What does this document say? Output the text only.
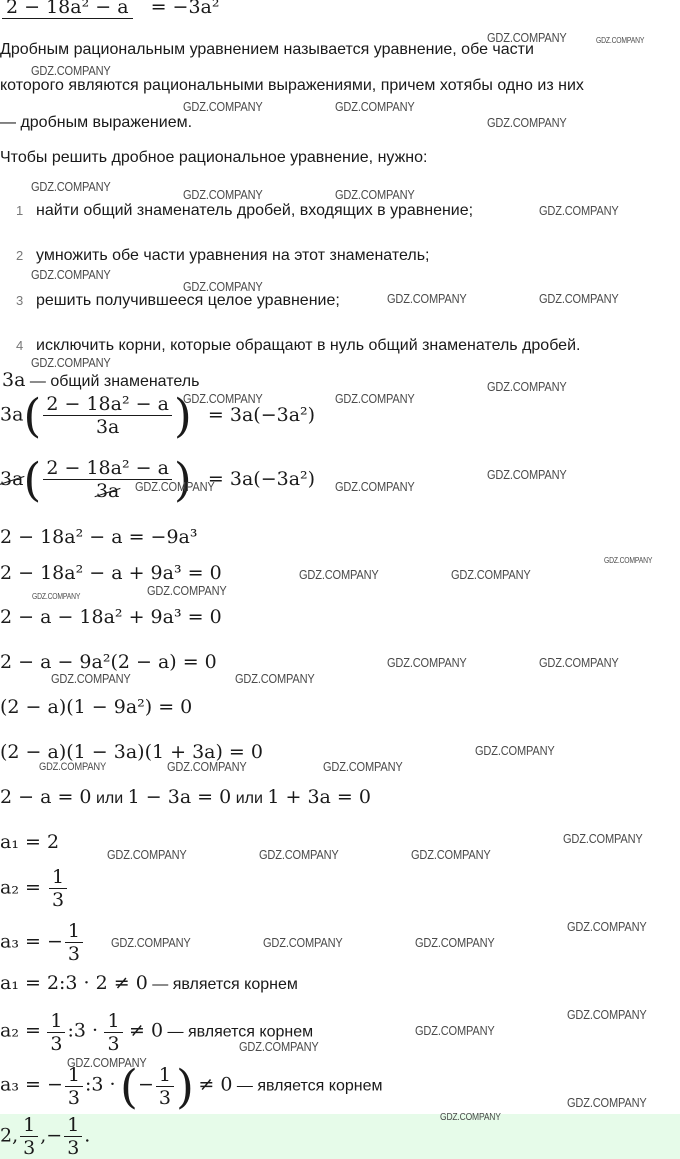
2 − 18a² − a = −3a²
Дробным рациональным уравнением называется уравнение, обе части
которого являются рациональными выражениями, причем хотябы одно из них
— дробным выражением.
Чтобы решить дробное рациональное уравнение, нужно:
1 найти общий знаменатель дробей, входящих в уравнение;
2 умножить обе части уравнения на этот знаменатель;
3 решить получившееся целое уравнение;
4 исключить корни, которые обращают в нуль общий знаменатель дробей.
3a — общий знаменатель
$3a( \frac{\text{2 − 18a² − a}}{3a}$ ) = 3a(−3a²)
$3a( \frac{\text{2 − 18a² − a}}{3a}$ ) = 3a(−3a²)
2 − 18a² − a = −9a³
2 − 18a² − a + 9a³ = 0
2 − a − 18a² + 9a³ = 0
2 − a − 9a²(2 − a) = 0
(2 − a)(1 − 9a²) = 0
(2 − a)(1 − 3a)(1 + 3a) = 0
2 − a = 0 или 1 − 3a = 0 или 1 + 3a = 0
a₁ = 2
$a_2 = \frac{1}{3}$
a₃ = − $\frac{1}{3}$
a₁ = 2:3 · 2 ≠ 0 — является корнем
$a_2 = \frac{1}{3}$ :3 · $\frac{1}{3} \ne 0$ — является корнем
a₃ = − $\frac{1}{3}$ :3 · (− $\frac{1}{3}$ ) ≠ 0 — является корнем
2, $\frac{1}{3}$ ,− $\frac{1}{3}$ .
GDZ.COMPANY	GDZ.COMPANY
GDZ.COMPANY
GDZ.COMPANY	GDZ.COMPANY
GDZ.COMPANY
GDZ.COMPANY
GDZ.COMPANY	GDZ.COMPANY
GDZ.COMPANY
GDZ.COMPANY
GDZ.COMPANY
GDZ.COMPANY	GDZ.COMPANY
GDZ.COMPANY
GDZ.COMPANY
GDZ.COMPANY	GDZ.COMPANY
GDZ.COMPANY
GDZ.COMPANY	GDZ.COMPANY
GDZ.COMPANY
GDZ.COMPANY	GDZ.COMPANY
GDZ.COMPANY
GDZ.COMPANY
GDZ.COMPANY	GDZ.COMPANY
GDZ.COMPANY	GDZ.COMPANY
GDZ.COMPANY
GDZ.COMPANY	GDZ.COMPANY	GDZ.COMPANY
GDZ.COMPANY
GDZ.COMPANY	GDZ.COMPANY	GDZ.COMPANY
GDZ.COMPANY
GDZ.COMPANY	GDZ.COMPANY	GDZ.COMPANY
GDZ.COMPANY
GDZ.COMPANY
GDZ.COMPANY
GDZ.COMPANY
GDZ.COMPANY
GDZ.COMPANY
